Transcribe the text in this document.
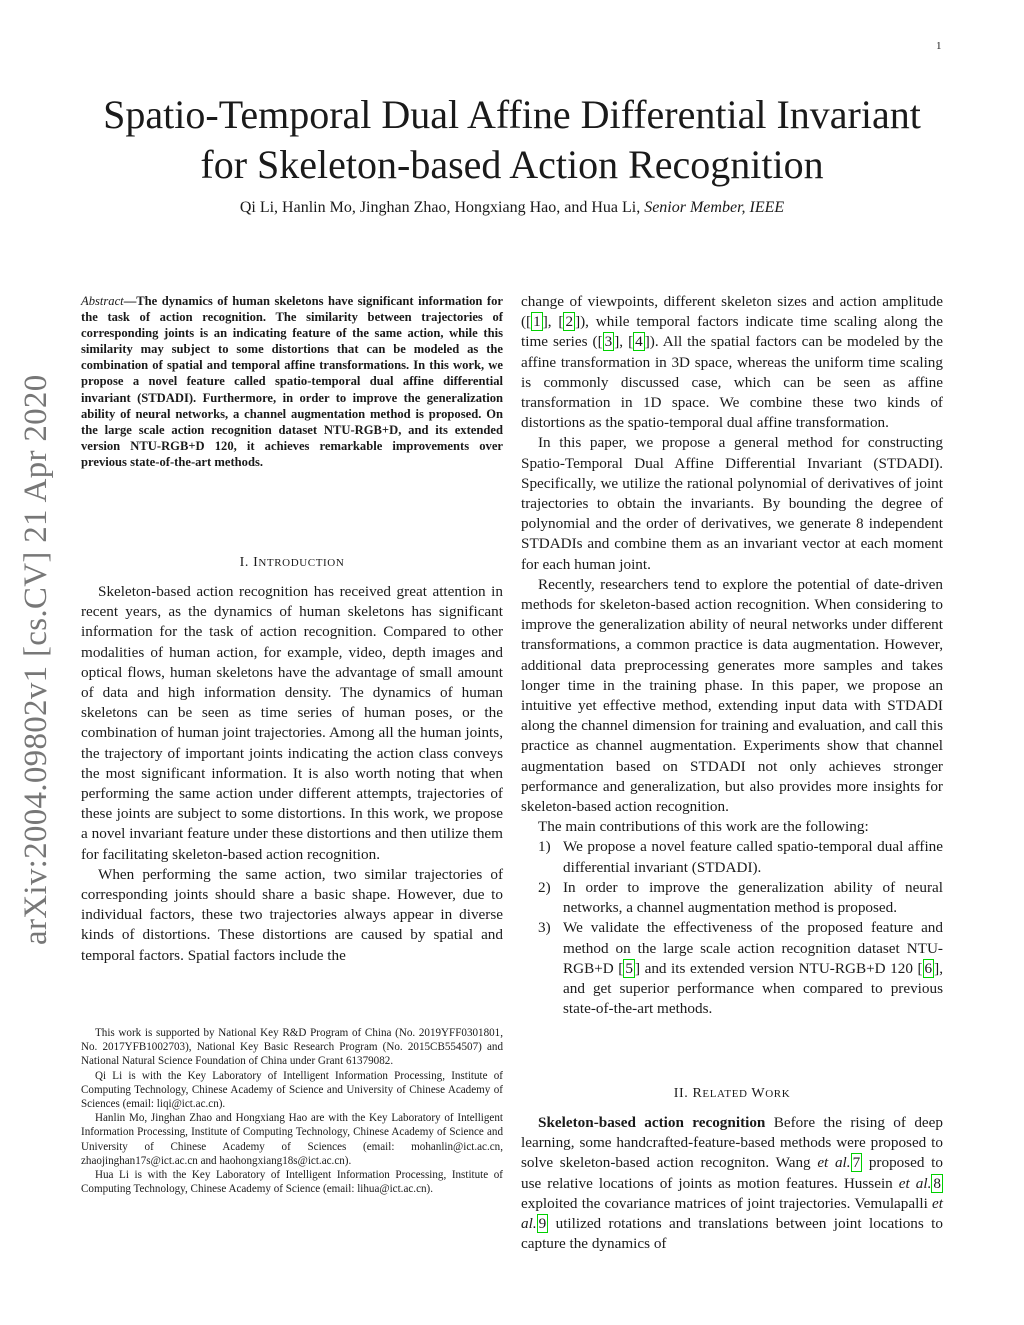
1
arXiv:2004.09802v1 [cs.CV] 21 Apr 2020
Spatio-Temporal Dual Affine Differential Invariant
for Skeleton-based Action Recognition
Qi Li, Hanlin Mo, Jinghan Zhao, Hongxiang Hao, and Hua Li, Senior Member, IEEE
Abstract—The dynamics of human skeletons have significant information for the task of action recognition. The similarity between trajectories of corresponding joints is an indicating feature of the same action, while this similarity may subject to some distortions that can be modeled as the combination of spatial and temporal affine transformations. In this work, we propose a novel feature called spatio-temporal dual affine differential invariant (STDADI). Furthermore, in order to improve the generalization ability of neural networks, a channel augmentation method is proposed. On the large scale action recognition dataset NTU-RGB+D, and its extended version NTU-RGB+D 120, it achieves remarkable improvements over previous state-of-the-art methods.
I. INTRODUCTION

Skeleton-based action recognition has received great attention in recent years, as the dynamics of human skeletons has significant information for the task of action recognition. Compared to other modalities of human action, for example, video, depth images and optical flows, human skeletons have the advantage of small amount of data and high information density. The dynamics of human skeletons can be seen as time series of human poses, or the combination of human joint trajectories. Among all the human joints, the trajectory of important joints indicating the action class conveys the most significant information. It is also worth noting that when performing the same action under different attempts, trajectories of these joints are subject to some distortions. In this work, we propose a novel invariant feature under these distortions and then utilize them for facilitating skeleton-based action recognition.

When performing the same action, two similar trajectories of corresponding joints should share a basic shape. However, due to individual factors, these two trajectories always appear in diverse kinds of distortions. These distortions are caused by spatial and temporal factors. Spatial factors include the

This work is supported by National Key R&D Program of China (No. 2019YFF0301801, No. 2017YFB1002703), National Key Basic Research Program (No. 2015CB554507) and National Natural Science Foundation of China under Grant 61379082.

Qi Li is with the Key Laboratory of Intelligent Information Processing, Institute of Computing Technology, Chinese Academy of Science and University of Chinese Academy of Sciences (email: liqi@ict.ac.cn).

Hanlin Mo, Jinghan Zhao and Hongxiang Hao are with the Key Laboratory of Intelligent Information Processing, Institute of Computing Technology, Chinese Academy of Science and University of Chinese Academy of Sciences (email: mohanlin@ict.ac.cn, zhaojinghan17s@ict.ac.cn and haohongxiang18s@ict.ac.cn).

Hua Li is with the Key Laboratory of Intelligent Information Processing, Institute of Computing Technology, Chinese Academy of Science (email: lihua@ict.ac.cn).

change of viewpoints, different skeleton sizes and action amplitude ([ 1 ], [ 2 ]), while temporal factors indicate time scaling along the time series ([ 3 ], [ 4 ]). All the spatial factors can be modeled by the affine transformation in 3D space, whereas the uniform time scaling is commonly discussed case, which can be seen as affine transformation in 1D space. We combine these two kinds of distortions as the spatio-temporal dual affine transformation.

In this paper, we propose a general method for constructing Spatio-Temporal Dual Affine Differential Invariant (STDADI). Specifically, we utilize the rational polynomial of derivatives of joint trajectories to obtain the invariants. By bounding the degree of polynomial and the order of derivatives, we generate 8 independent STDADIs and combine them as an invariant vector at each moment for each human joint.

Recently, researchers tend to explore the potential of date-driven methods for skeleton-based action recognition. When considering to improve the generalization ability of neural networks under different transformations, a common practice is data augmentation. However, additional data preprocessing generates more samples and takes longer time in the training phase. In this paper, we propose an intuitive yet effective method, extending input data with STDADI along the channel dimension for training and evaluation, and call this practice as channel augmentation. Experiments show that channel augmentation based on STDADI not only achieves stronger performance and generalization, but also provides more insights for skeleton-based action recognition.

The main contributions of this work are the following:

1) We propose a novel feature called spatio-temporal dual affine differential invariant (STDADI).
2) In order to improve the generalization ability of neural networks, a channel augmentation method is proposed.
3) We validate the effectiveness of the proposed feature and method on the large scale action recognition dataset NTU-RGB+D [ 5 ] and its extended version NTU-RGB+D 120 [ 6 ], and get superior performance when compared to previous state-of-the-art methods.
II. RELATED WORK

Skeleton-based action recognition Before the rising of deep learning, some handcrafted-feature-based methods were proposed to solve skeleton-based action recogniton. Wang et al. 7 proposed to use relative locations of joints as motion features. Hussein et al. 8 exploited the covariance matrices of joint trajectories. Vemulapalli et al. 9 utilized rotations and translations between joint locations to capture the dynamics of
